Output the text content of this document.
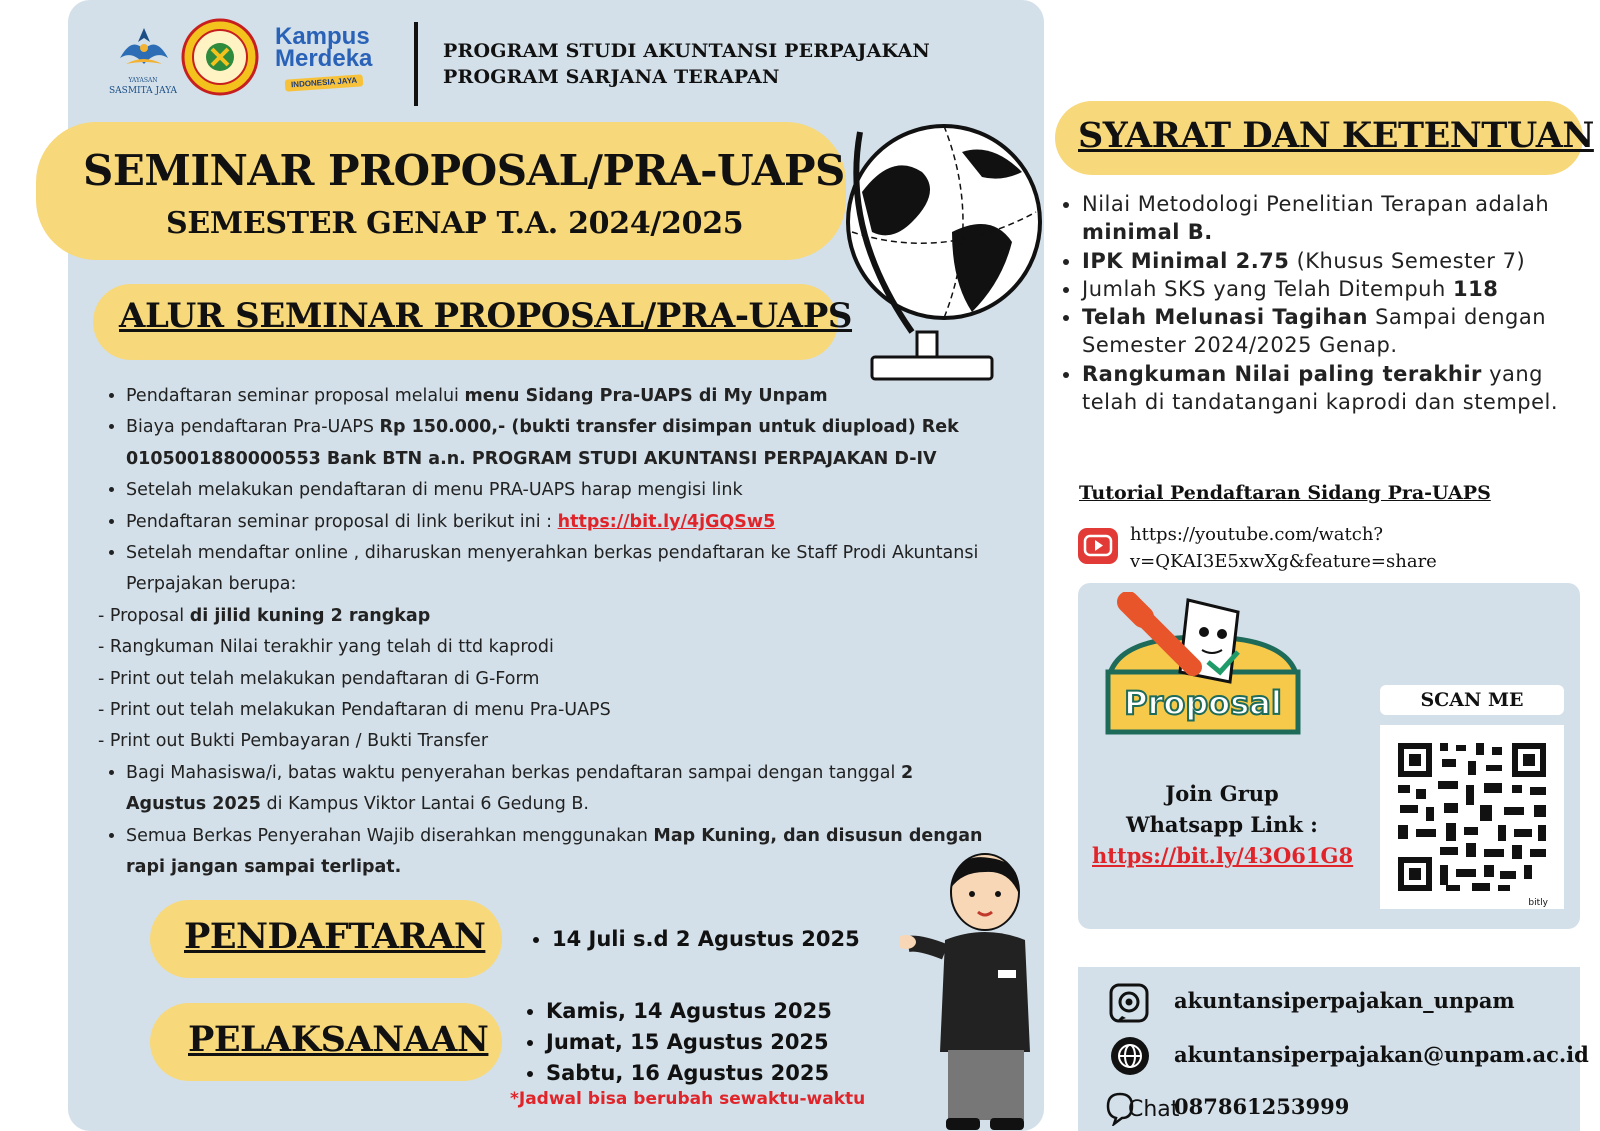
YAYASAN
SASMITA JAYA
Kampus
Merdeka
INDONESIA JAYA
PROGRAM STUDI AKUNTANSI PERPAJAKAN
PROGRAM SARJANA TERAPAN
SEMINAR PROPOSAL/PRA-UAPS
SEMESTER GENAP T.A. 2024/2025
ALUR SEMINAR PROPOSAL/PRA-UAPS
• Pendaftaran seminar proposal melalui menu Sidang Pra-UAPS di My Unpam
• Biaya pendaftaran Pra-UAPS Rp 150.000,- (bukti transfer disimpan untuk diupload) Rek 0105001880000553 Bank BTN a.n. PROGRAM STUDI AKUNTANSI PERPAJAKAN D-IV
• Setelah melakukan pendaftaran di menu PRA-UAPS harap mengisi link
• Pendaftaran seminar proposal di link berikut ini : https://bit.ly/4jGQSw5
• Setelah mendaftar online , diharuskan menyerahkan berkas pendaftaran ke Staff Prodi Akuntansi Perpajakan berupa:
- Proposal di jilid kuning 2 rangkap
- Rangkuman Nilai terakhir yang telah di ttd kaprodi
- Print out telah melakukan pendaftaran di G-Form
- Print out telah melakukan Pendaftaran di menu Pra-UAPS
- Print out Bukti Pembayaran / Bukti Transfer
• Bagi Mahasiswa/i, batas waktu penyerahan berkas pendaftaran sampai dengan tanggal 2 Agustus 2025 di Kampus Viktor Lantai 6 Gedung B.
• Semua Berkas Penyerahan Wajib diserahkan menggunakan Map Kuning, dan disusun dengan rapi jangan sampai terlipat.
PENDAFTARAN
•	14 Juli s.d 2 Agustus 2025
PELAKSANAAN
• Kamis, 14 Agustus 2025
• Jumat, 15 Agustus 2025
• Sabtu, 16 Agustus 2025
*Jadwal bisa berubah sewaktu-waktu
SYARAT DAN KETENTUAN
• Nilai Metodologi Penelitian Terapan adalah minimal B.
• IPK Minimal 2.75 (Khusus Semester 7)
• Jumlah SKS yang Telah Ditempuh 118
• Telah Melunasi Tagihan Sampai dengan Semester 2024/2025 Genap.
• Rangkuman Nilai paling terakhir yang telah di tandatangani kaprodi dan stempel.
Tutorial Pendaftaran Sidang Pra-UAPS
https://youtube.com/watch?
v=QKAI3E5xwXg&feature=share
Proposal	SCAN ME
bitly
Join Grup
Whatsapp Link :
https://bit.ly/43O61G8
akuntansiperpajakan_unpam
akuntansiperpajakan@unpam.ac.id
Chat
087861253999
